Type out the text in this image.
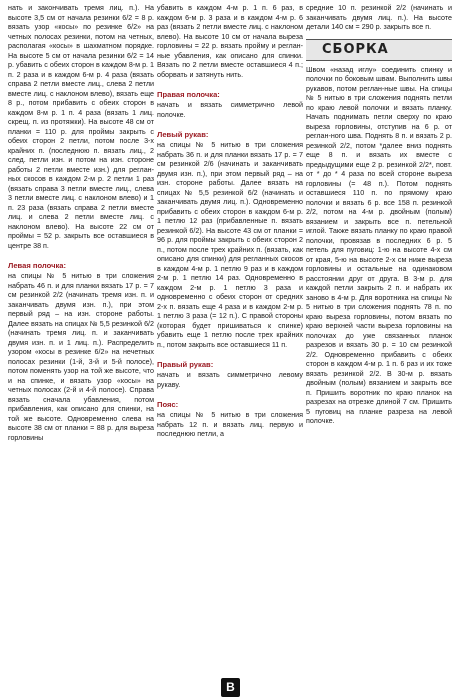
нать и закончивать тремя лиц. п.). На высоте 3,5 см от начала резинки 6/2 = 8 р. вязать узор «косы» по резинке 6/2» на четных полосах резинки, потом на четных, располагая «косы» в шахматном порядке. На высоте 5 см от начала резинки 6/2 = 14 р. убавить с обеих сторон в каждом 8-м р. 1 п. 2 раза и в каждом 6-м р. 4 раза (вязать справа 2 петли вместе лиц., слева 2 петли вместе лиц. с наклоном влево), вязать еще 8 р., потом прибавить с обеих сторон в каждом 8-м р. 1 п. 4 раза (вязать 1 лиц. скрещ. п. из протяжки). На высоте 48 см от планки = 110 р. для проймы закрыть с обеих сторон 2 петли, потом после 3-х крайних п. (последнюю п. вязать лиц., 2 след. петли изн. и потом на изн. стороне работы 2 петли вместе изн.) для реглан-ных скосов в каждом 2-м р. 2 петли 1 раз (вязать справа 3 петли вместе лиц., слева 3 петли вместе лиц. с наклоном влево) и 1 п. 23 раза (вязать справа 2 петли вместе лиц. и слева 2 петли вместе лиц. с наклоном влево). На высоте 22 см от проймы = 52 р. закрыть все оставшиеся в центре 38 п.

Левая полочка:

на спицы № 5 нитью в три сложения набрать 46 п. и для планки вязать 17 р. = 7 см резинкой 2/2 (начинать тремя изн. п. и заканчивать двумя изн. п.), при этом первый ряд – на изн. стороне работы. Далее вязать на спицах № 5,5 резинкой 6/2 (начинать тремя лиц. п. и заканчивать двумя изн. п. и 1 лиц. п.). Распределить узором «косы в резинке 6/2» на нечетных полосах резинки (1-й, 3-й и 5-й полосе), потом поменять узор на той же высоте, что и на спинке, и вязать узор «косы» на четных полосах (2-й и 4-й полосе). Справа вязать сначала убавления, потом прибавления, как описано для спинки, на той же высоте. Одновременно слева на высоте 38 см от планки = 88 р. для выреза горловины

убавить в каждом 4-м р. 1 п. 6 раз, в каждом 6-м р. 3 раза и в каждом 4-м р. 6 раз (вязать 2 петли вместе лиц. с наклоном влево). На высоте 10 см от начала выреза горловины = 22 р. вязать пройму и реглан-ные убавления, как описано для спинки. Вязать по 2 петли вместе оставшиеся 4 п.; оборвать и затянуть нить.

Правая полочка:

начать и вязать симметрично левой полочке.

Левый рукав:

на спицы № 5 нитью в три сложения набрать 36 п. и для планки вязать 17 р. = 7 см резинкой 2/6 (начинать и заканчивать двумя изн. п.), при этом первый ряд – на изн. стороне работы. Далее вязать на спицах № 5,5 резинкой 6/2 (начинать и заканчивать двумя лиц. п.). Одновременно прибавить с обеих сторон в каждом 6-м р. 1 петлю 12 раз (прибавленные п. вязать резинкой 6/2). На высоте 43 см от планки = 96 р. для проймы закрыть с обеих сторон 2 п., потом после трех крайних п. (вязать, как описано для спинки) для регланных скосов в каждом 4-м р. 1 петлю 9 раз и в каждом 2-м р. 1 петлю 14 раз. Одновременно в каждом 2-м р. 1 петлю 3 раза и одновременно с обеих сторон от средних 2-х п. вязать еще 4 раза и в каждом 2-м р. 1 петлю 3 раза (= 12 п.). С правой стороны (которая будет пришиваться к спинке) убавить еще 1 петлю после трех крайних п., потом закрыть все оставшиеся 11 п.

Правый рукав:

начать и вязать симметрично левому рукаву.

Пояс:

на спицы № 5 нитью в три сложения набрать 12 п. и вязать лиц. первую и последнюю петли, а

средние 10 п. резинкой 2/2 (начинать и заканчивать двумя лиц. п.). На высоте детали 140 см = 290 р. закрыть все п.

СБОРКА

Швом «назад иглу» соединить спинку и полочки по боковым швам. Выполнить швы рукавов, потом реглан-ные швы. На спицы № 5 нитью в три сложения поднять петли по краю левой полочки и вязать планку. Начать поднимать петли сверху по краю выреза горловины, отступив на 6 р. от реглан-ного шва. Поднять 8 п. и вязать 2 р. резинкой 2/2, потом *далее вниз поднять еще 8 п. и вязать их вместе с предыдущими еще 2 р. резинкой 2/2*, повт. от * до * 4 раза по всей стороне выреза горловины (= 48 п.). Потом поднять оставшиеся 110 п. по прямому краю полочки и вязать 6 р. все 158 п. резинкой 2/2, потом на 4-м р. двойным (полым) вязанием и закрыть все п. петельной иглой. Также вязать планку по краю правой полочки, провязав в последних 6 р. 5 петель для пуговиц: 1-ю на высоте 4-х см от края, 5-ю на высоте 2-х см ниже выреза горловины и остальные на одинаковом расстоянии друг от друга. В 3-м р. для каждой петли закрыть 2 п. и набрать их заново в 4-м р. Для воротника на спицы № 5 нитью в три сложения поднять 78 п. по краю выреза горловины, потом вязать по краю верхней части выреза горловины на полочках до уже связанных планок разрезов и вязать 30 р. = 10 см резинкой 2/2. Одновременно прибавить с обеих сторон в каждом 4-м р. 1 п. 6 раз и их тоже вязать резинкой 2/2. В 30-м р. вязать двойным (полым) вязанием и закрыть все п. Пришить воротник по краю планок на разрезах на отрезке длиной 7 см. Пришить 5 пуговиц на планке разреза на левой полочке.

В
